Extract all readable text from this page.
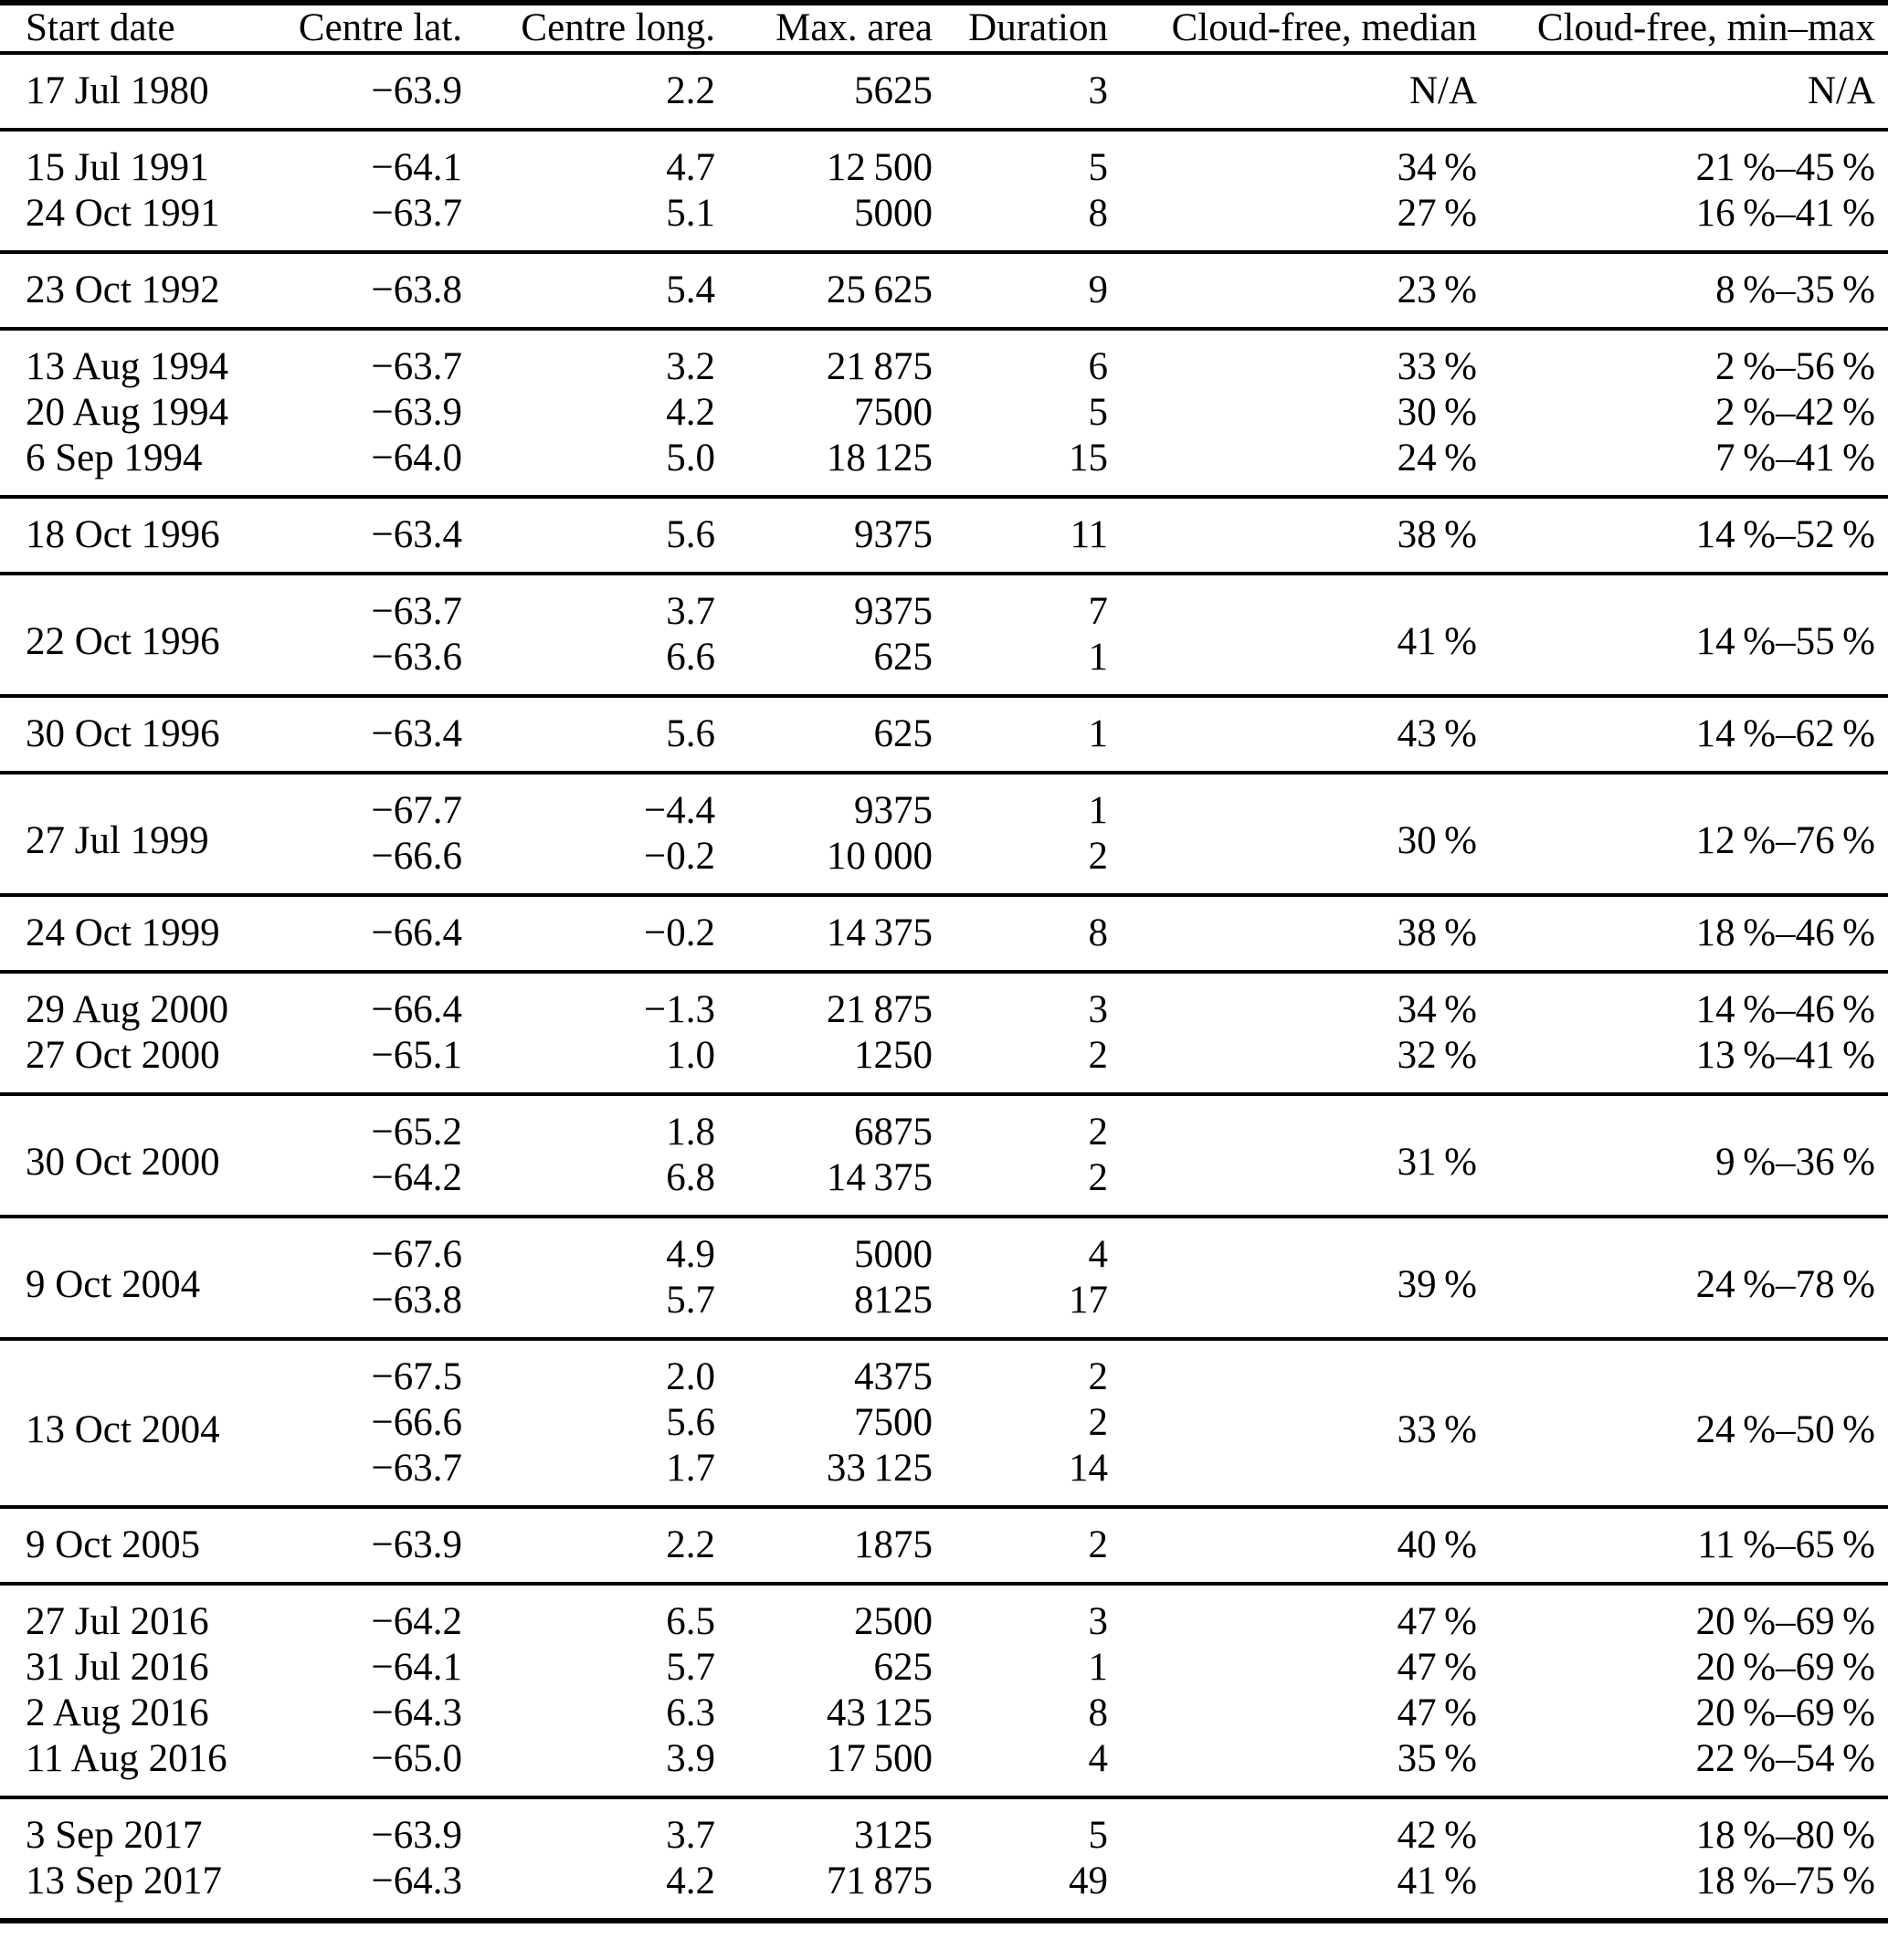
Start date	Centre lat.	Centre long.	Max. area	Duration	Cloud-free, median	Cloud-free, min–max
17 Jul 1980	−63.9	2.2	5625	3	N/A	N/A
15 Jul 1991	−64.1	4.7	12 500	5	34 %	21 %–45 %
24 Oct 1991	−63.7	5.1	5000	8	27 %	16 %–41 %
23 Oct 1992	−63.8	5.4	25 625	9	23 %	8 %–35 %
13 Aug 1994	−63.7	3.2	21 875	6	33 %	2 %–56 %
20 Aug 1994	−63.9	4.2	7500	5	30 %	2 %–42 %
6 Sep 1994	−64.0	5.0	18 125	15	24 %	7 %–41 %
18 Oct 1996	−63.4	5.6	9375	11	38 %	14 %–52 %
22 Oct 1996	−63.7	3.7	9375	7	41 %	14 %–55 %
	−63.6	6.6	625	1		
30 Oct 1996	−63.4	5.6	625	1	43 %	14 %–62 %
27 Jul 1999	−67.7	−4.4	9375	1	30 %	12 %–76 %
	−66.6	−0.2	10 000	2		
24 Oct 1999	−66.4	−0.2	14 375	8	38 %	18 %–46 %
29 Aug 2000	−66.4	−1.3	21 875	3	34 %	14 %–46 %
27 Oct 2000	−65.1	1.0	1250	2	32 %	13 %–41 %
30 Oct 2000	−65.2	1.8	6875	2	31 %	9 %–36 %
	−64.2	6.8	14 375	2		
9 Oct 2004	−67.6	4.9	5000	4	39 %	24 %–78 %
	−63.8	5.7	8125	17		
13 Oct 2004	−67.5	2.0	4375	2	33 %	24 %–50 %
	−66.6	5.6	7500	2		
	−63.7	1.7	33 125	14		
9 Oct 2005	−63.9	2.2	1875	2	40 %	11 %–65 %
27 Jul 2016	−64.2	6.5	2500	3	47 %	20 %–69 %
31 Jul 2016	−64.1	5.7	625	1	47 %	20 %–69 %
2 Aug 2016	−64.3	6.3	43 125	8	47 %	20 %–69 %
11 Aug 2016	−65.0	3.9	17 500	4	35 %	22 %–54 %
3 Sep 2017	−63.9	3.7	3125	5	42 %	18 %–80 %
13 Sep 2017	−64.3	4.2	71 875	49	41 %	18 %–75 %
